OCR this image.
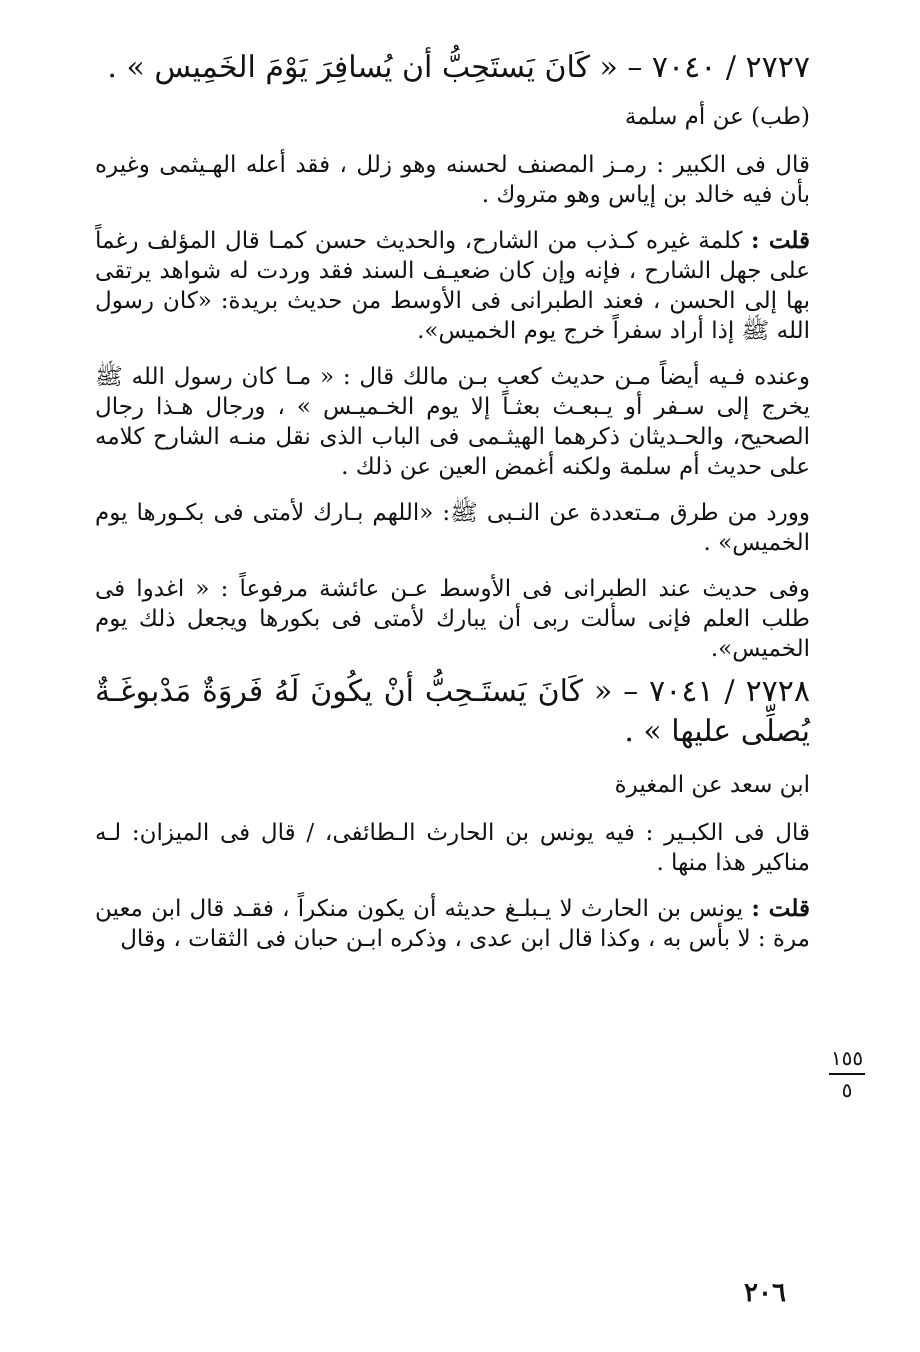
٢٧٢٧ / ٧٠٤٠ – « كَانَ يَستَحِبُّ أن يُسافِرَ يَوْمَ الخَمِيس » .

(طب) عن أم سلمة

قال فى الكبير : رمـز المصنف لحسنه وهو زلل ، فقد أعله الهـيثمى وغيره بأن فيه خالد بن إياس وهو متروك .

قلت : كلمة غيره كـذب من الشارح، والحديث حسن كمـا قال المؤلف رغماً على جهل الشارح ، فإنه وإن كان ضعيـف السند فقد وردت له شواهد يرتقى بها إلى الحسن ، فعند الطبرانى فى الأوسط من حديث بريدة: «كان رسول الله ﷺ إذا أراد سفراً خرج يوم الخميس».

وعنده فـيه أيضاً مـن حديث كعب بـن مالك قال : « مـا كان رسول الله ﷺ يخرج إلى سـفر أو يـبعـث بعثـاً إلا يوم الخـميـس » ، ورجال هـذا رجال الصحيح، والحـديثان ذكرهما الهيثـمى فى الباب الذى نقل منـه الشارح كلامه على حديث أم سلمة ولكنه أغمض العين عن ذلك .

وورد من طرق مـتعددة عن النـبى ﷺ: «اللهم بـارك لأمتى فى بكـورها يوم الخميس» .

وفى حديث عند الطبرانى فى الأوسط عـن عائشة مرفوعاً : « اغدوا فى طلب العلم فإنى سألت ربى أن يبارك لأمتى فى بكورها ويجعل ذلك يوم الخميس».

٢٧٢٨ / ٧٠٤١ – « كَانَ يَستَـحِبُّ أنْ يكُونَ لَهُ فَروَةٌ مَدْبوغَـةٌ يُصلِّى عليها » .

ابن سعد عن المغيرة

قال فى الكبـير : فيه يونس بن الحارث الـطائفى، / قال فى الميزان: لـه مناكير هذا منها .

قلت : يونس بن الحارث لا يـبلـغ حديثه أن يكون منكراً ، فقـد قال ابن معين مرة : لا بأس به ، وكذا قال ابن عدى ، وذكره ابـن حبان فى الثقات ، وقال

١٥٥
٥
٢٠٦
